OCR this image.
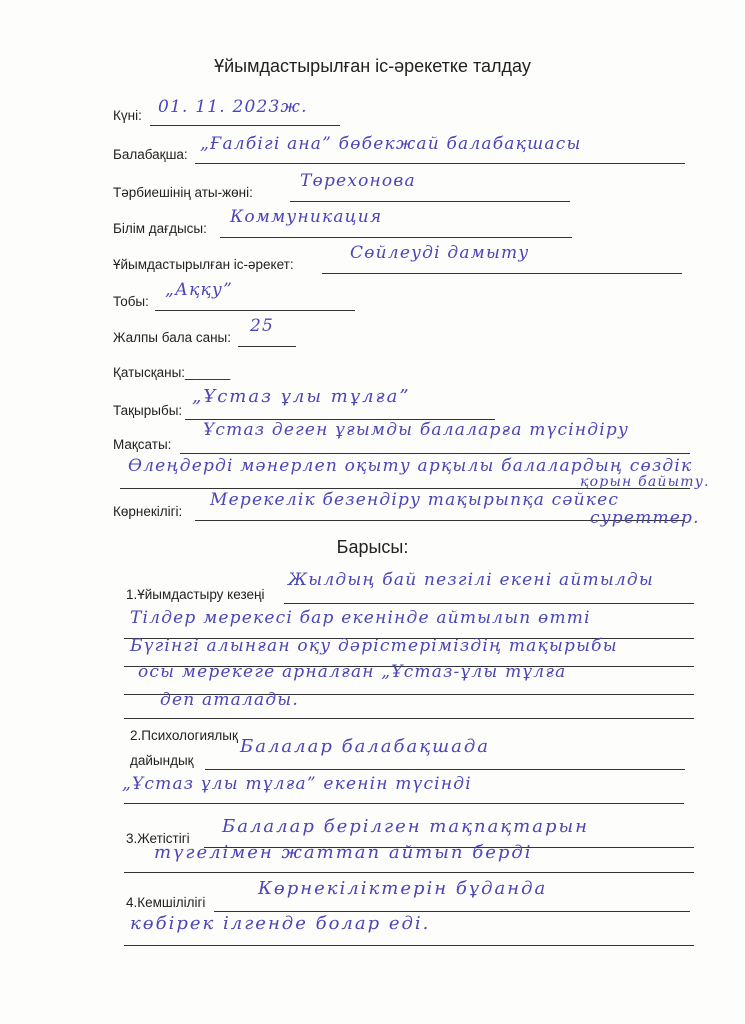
Ұйымдастырылған іс-әрекетке талдау
Күні: 01. 11. 2023ж.
Балабақша:
„Ғалбiгi ана” бөбекжай балабақшасы
Тәрбиешінің аты-жөні:
Төрехонова
Білім дағдысы:
Коммуникация
Ұйымдастырылған іс-әрекет:
Сөйлеуді дамыту
Тобы:
„Аққу”
Жалпы бала саны:
25
Қатысқаны:______
Тақырыбы:
„Ұстаз ұлы тұлға”
Мақсаты:
Ұстаз деген ұғымды балаларға түсіндіру
Өлеңдерді мәнерлеп оқыту арқылы балалардың сөздік
қорын байыту.
Көрнекілігі:
Мерекелік безендіру тақырыпқа сәйкес
суреттер.
Барысы:
1.Ұйымдастыру кезеңі
Жылдың бай пезгілі екені айтылды
Тілдер мерекесі бар екенінде айтылып өтті
Бүгінгі алынған оқу дәрістеріміздің тақырыбы
осы мерекеге арналған „Ұстаз-ұлы тұлға
деп аталады.
2.Психологиялық
дайындық
Балалар балабақшада
„Ұстаз ұлы тұлға” екенін түсінді
3.Жетістігі
Балалар берілген тақпақтарын
түгелімен жаттап айтып берді
4.Кемшілілігі
Көрнекіліктерін бұданда
көбірек ілгенде болар еді.
